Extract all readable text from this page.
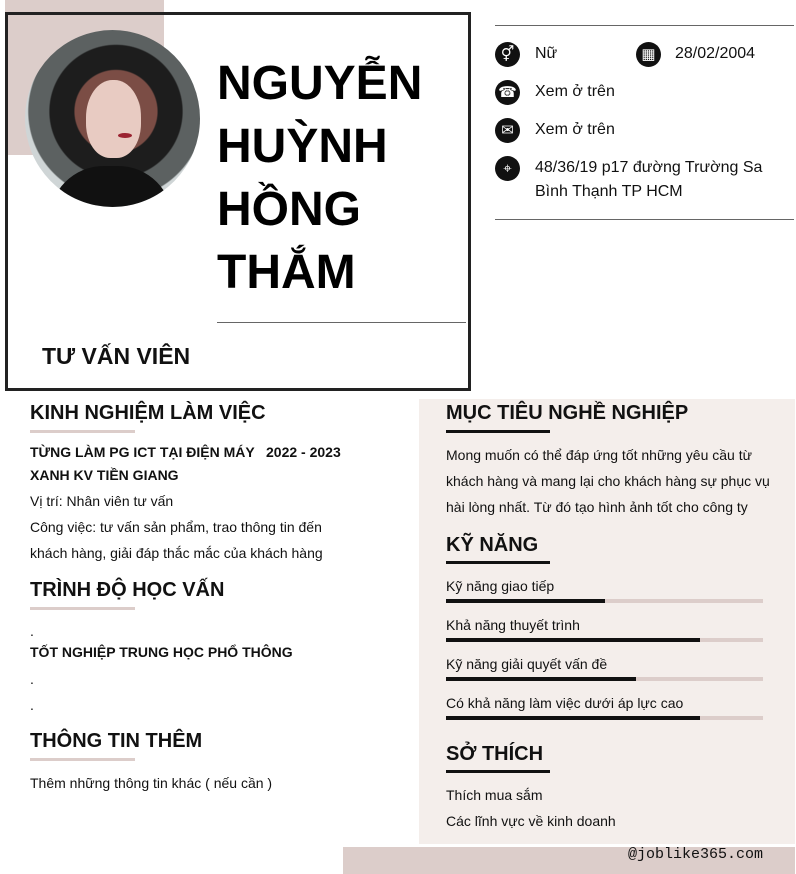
NGUYỄN
HUỲNH
HỒNG
THẮM
TƯ VẤN VIÊN
⚥	Nữ	▦	28/02/2004
☎ Xem ở trên
✉	Xem ở trên
⌖	48/36/19 p17 đường Trường Sa
Bình Thạnh TP HCM
KINH NGHIỆM LÀM VIỆC
TỪNG LÀM PG ICT TẠI ĐIỆN MÁY
XANH KV TIỀN GIANG
2022 - 2023
Vị trí: Nhân viên tư vấn
Công việc: tư vấn sản phẩm, trao thông tin đến
khách hàng, giải đáp thắc mắc của khách hàng
TRÌNH ĐỘ HỌC VẤN
.
TỐT NGHIỆP TRUNG HỌC PHỔ THÔNG
.
.
THÔNG TIN THÊM
Thêm những thông tin khác ( nếu cần )
MỤC TIÊU NGHỀ NGHIỆP
Mong muốn có thể đáp ứng tốt những yêu cầu từ
khách hàng và mang lại cho khách hàng sự phục vụ
hài lòng nhất. Từ đó tạo hình ảnh tốt cho công ty
KỸ NĂNG
Kỹ năng giao tiếp
Khả năng thuyết trình
Kỹ năng giải quyết vấn đề
Có khả năng làm việc dưới áp lực cao
SỞ THÍCH
Thích mua sắm
Các lĩnh vực về kinh doanh
@joblike365.com
